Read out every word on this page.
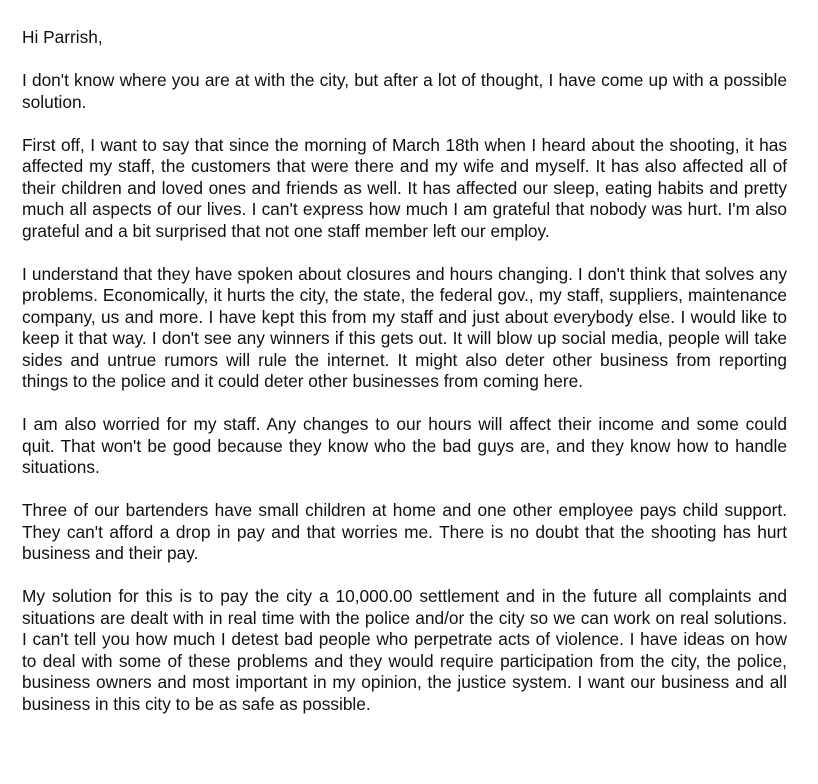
Hi Parrish,

I don't know where you are at with the city, but after a lot of thought, I have come up with a possible solution.

First off, I want to say that since the morning of March 18th when I heard about the shooting, it has affected my staff, the customers that were there and my wife and myself. It has also affected all of their children and loved ones and friends as well. It has affected our sleep, eating habits and pretty much all aspects of our lives. I can't express how much I am grateful that nobody was hurt. I'm also grateful and a bit surprised that not one staff member left our employ.

I understand that they have spoken about closures and hours changing. I don't think that solves any problems. Economically, it hurts the city, the state, the federal gov., my staff, suppliers, maintenance company, us and more. I have kept this from my staff and just about everybody else. I would like to keep it that way. I don't see any winners if this gets out. It will blow up social media, people will take sides and untrue rumors will rule the internet. It might also deter other business from reporting things to the police and it could deter other businesses from coming here.

I am also worried for my staff. Any changes to our hours will affect their income and some could quit. That won't be good because they know who the bad guys are, and they know how to handle situations.

Three of our bartenders have small children at home and one other employee pays child support. They can't afford a drop in pay and that worries me. There is no doubt that the shooting has hurt business and their pay.

My solution for this is to pay the city a 10,000.00 settlement and in the future all complaints and situations are dealt with in real time with the police and/or the city so we can work on real solutions. I can't tell you how much I detest bad people who perpetrate acts of violence. I have ideas on how to deal with some of these problems and they would require participation from the city, the police, business owners and most important in my opinion, the justice system. I want our business and all business in this city to be as safe as possible.
